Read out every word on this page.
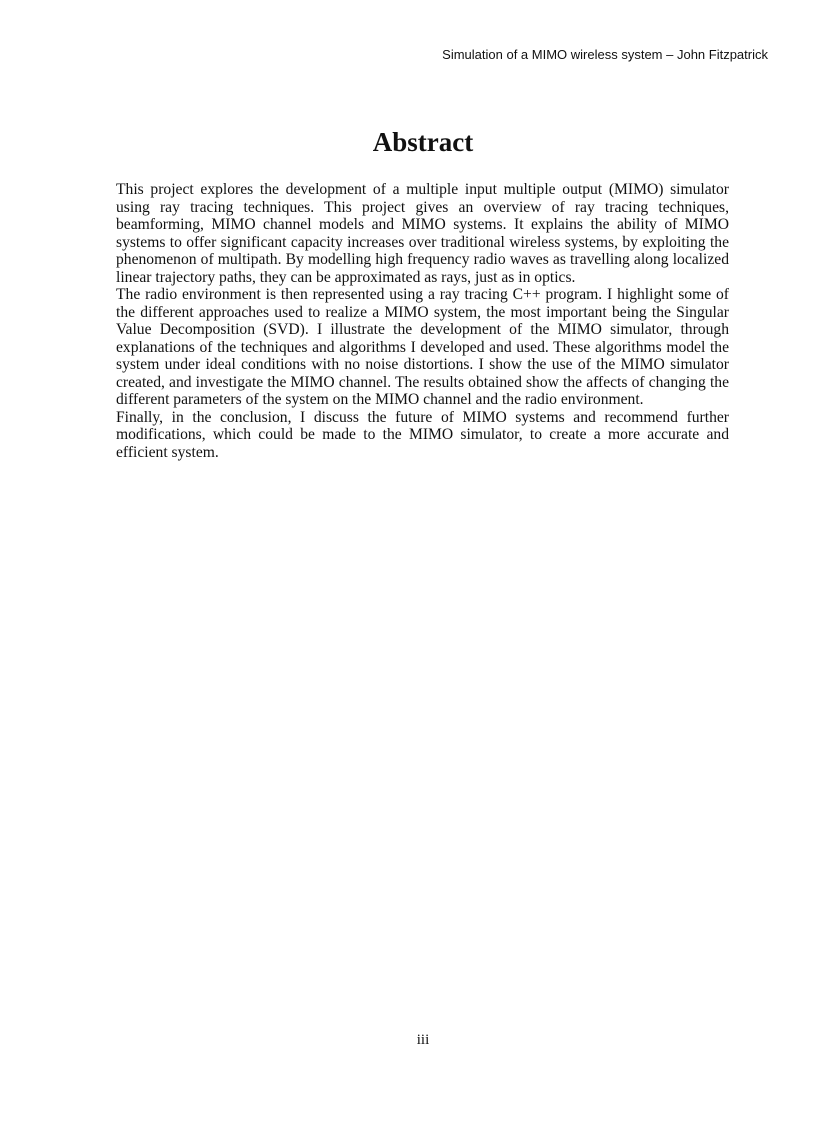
Simulation of a MIMO wireless system – John Fitzpatrick
Abstract

This project explores the development of a multiple input multiple output (MIMO) simulator using ray tracing techniques. This project gives an overview of ray tracing techniques, beamforming, MIMO channel models and MIMO systems. It explains the ability of MIMO systems to offer significant capacity increases over traditional wireless systems, by exploiting the phenomenon of multipath. By modelling high frequency radio waves as travelling along localized linear trajectory paths, they can be approximated as rays, just as in optics.

The radio environment is then represented using a ray tracing C++ program. I highlight some of the different approaches used to realize a MIMO system, the most important being the Singular Value Decomposition (SVD). I illustrate the development of the MIMO simulator, through explanations of the techniques and algorithms I developed and used. These algorithms model the system under ideal conditions with no noise distortions. I show the use of the MIMO simulator created, and investigate the MIMO channel. The results obtained show the affects of changing the different parameters of the system on the MIMO channel and the radio environment.

Finally, in the conclusion, I discuss the future of MIMO systems and recommend further modifications, which could be made to the MIMO simulator, to create a more accurate and efficient system.

iii
